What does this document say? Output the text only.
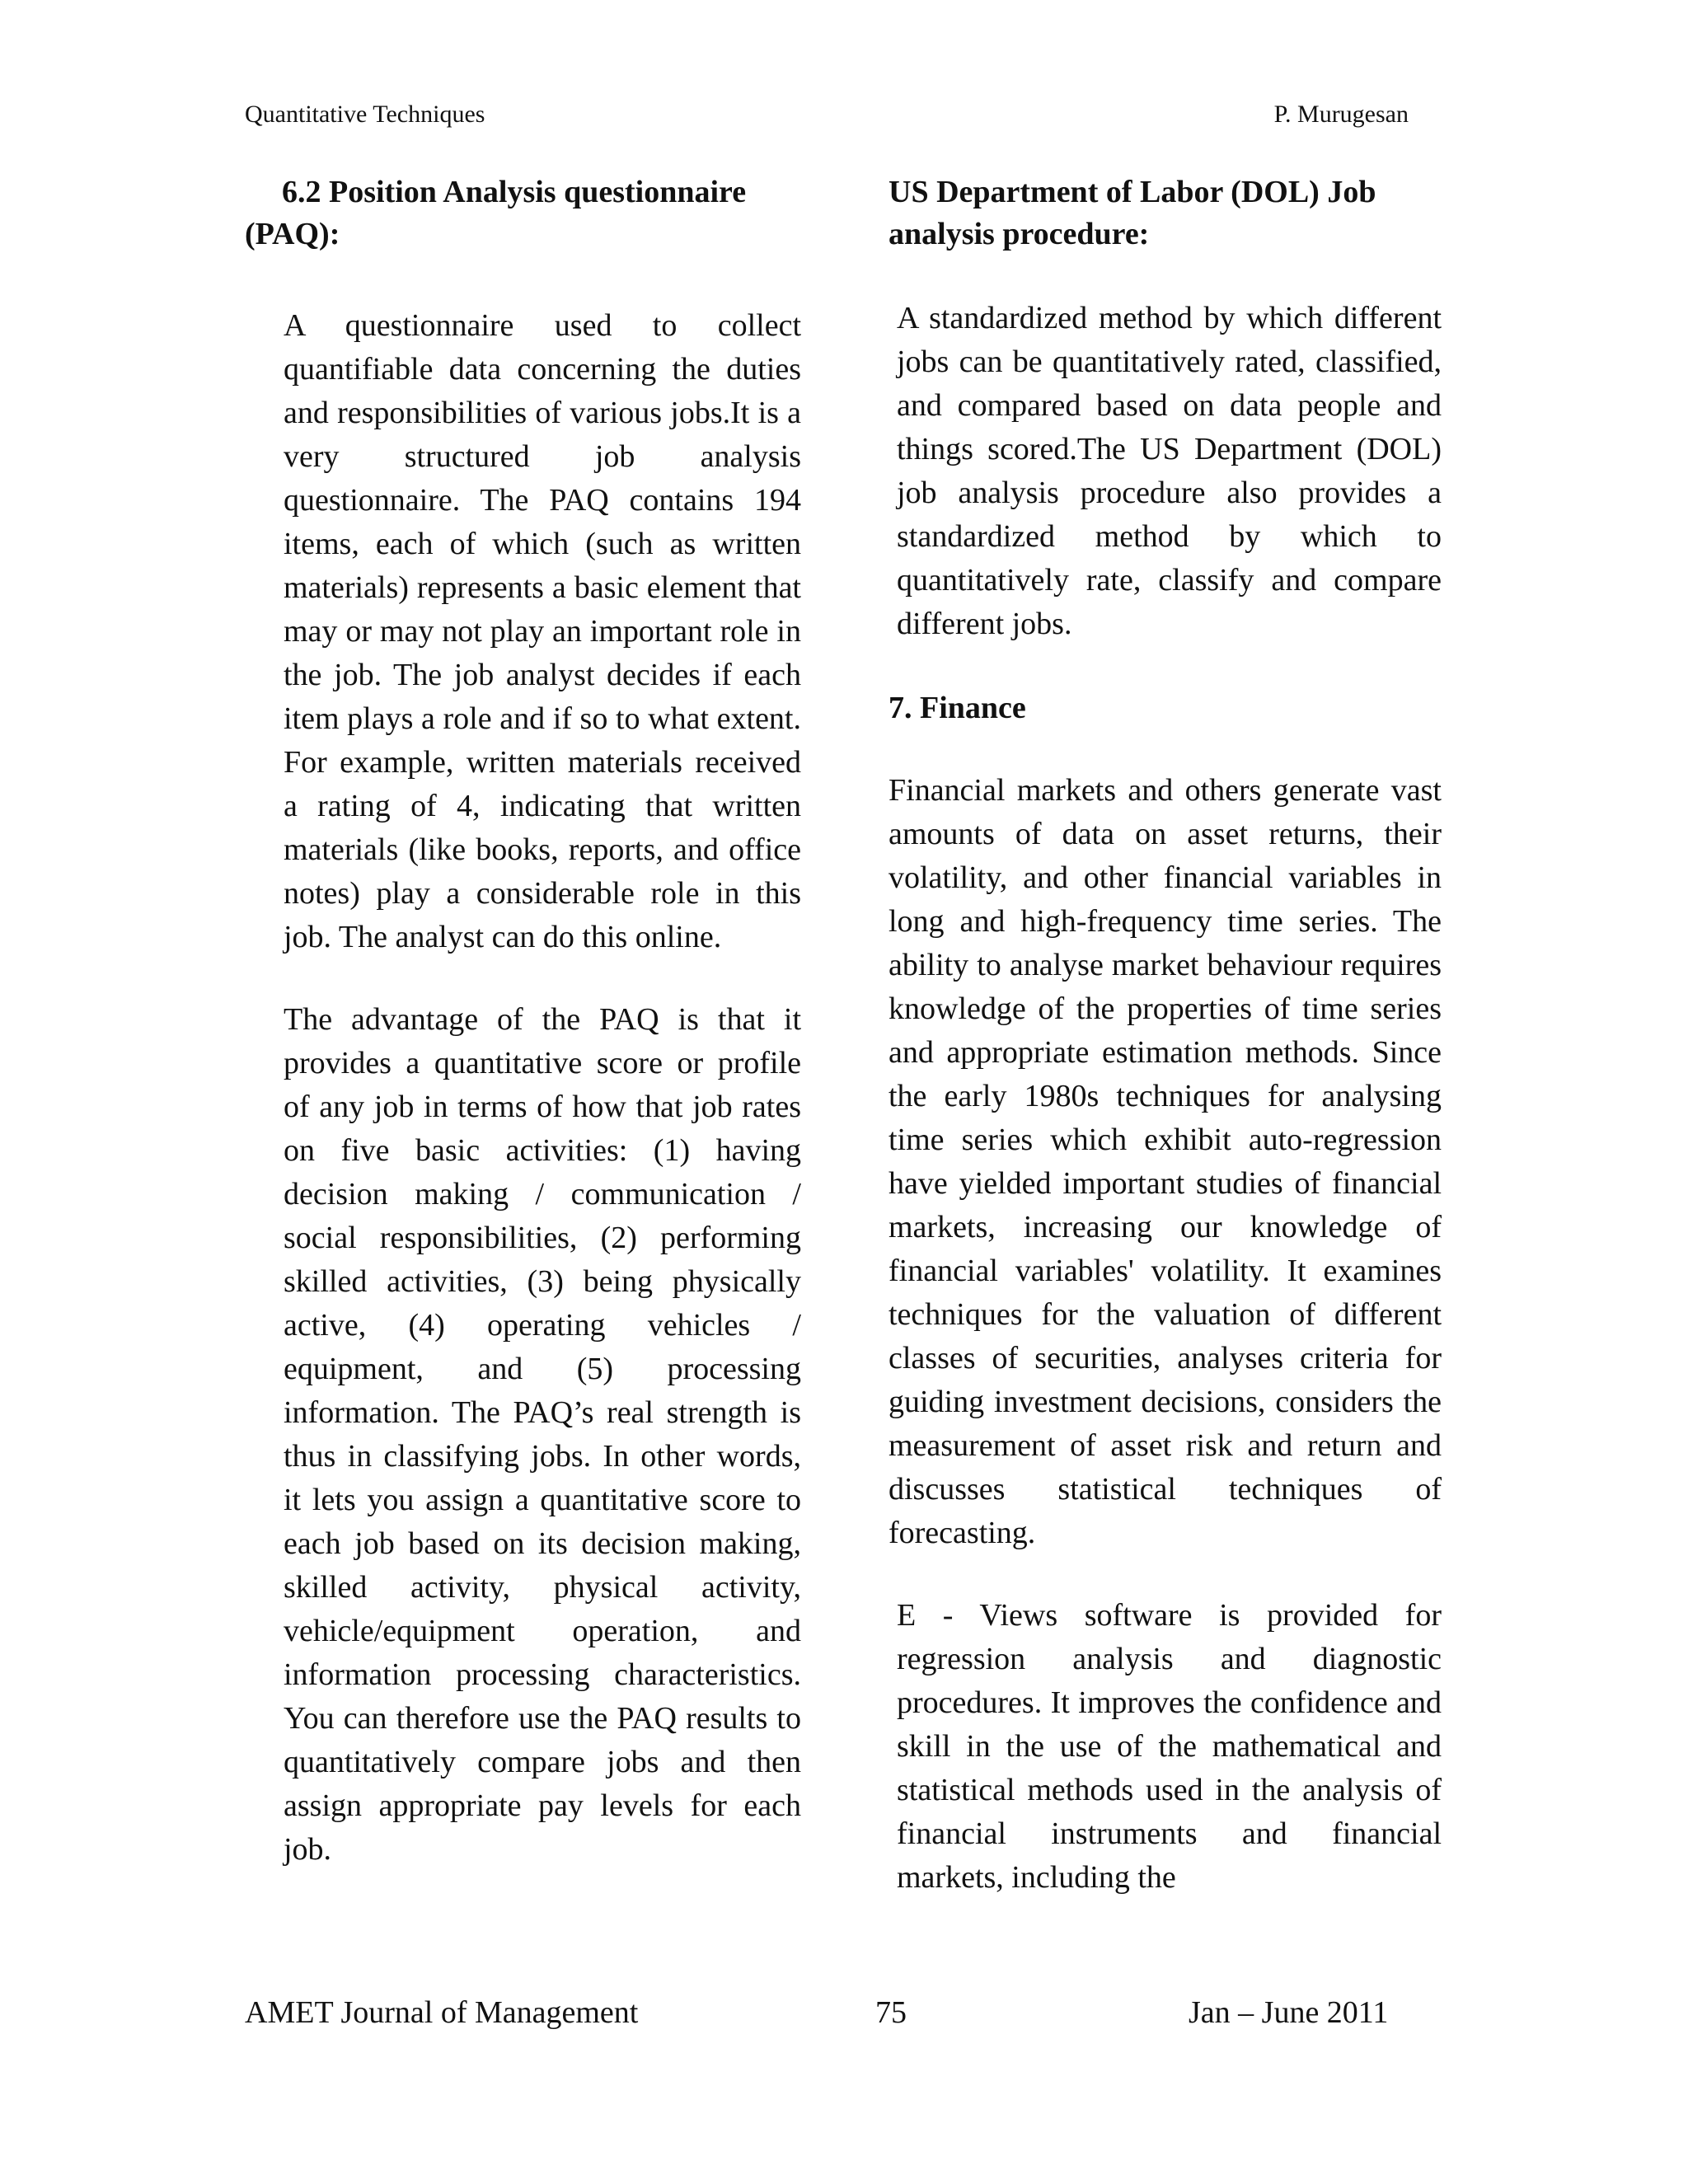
Quantitative Techniques	P. Murugesan
6.2 Position Analysis questionnaire (PAQ):

A questionnaire used to collect quantifiable data concerning the duties and responsibilities of various jobs.It is a very structured job analysis questionnaire. The PAQ contains 194 items, each of which (such as written materials) represents a basic element that may or may not play an important role in the job. The job analyst decides if each item plays a role and if so to what extent. For example, written materials received a rating of 4, indicating that written materials (like books, reports, and office notes) play a considerable role in this job. The analyst can do this online.

The advantage of the PAQ is that it provides a quantitative score or profile of any job in terms of how that job rates on five basic activities: (1) having decision making / communication / social responsibilities, (2) performing skilled activities, (3) being physically active, (4) operating vehicles / equipment, and (5) processing information. The PAQ’s real strength is thus in classifying jobs. In other words, it lets you assign a quantitative score to each job based on its decision making, skilled activity, physical activity, vehicle/equipment operation, and information processing characteristics. You can therefore use the PAQ results to quantitatively compare jobs and then assign appropriate pay levels for each job.

US Department of Labor (DOL) Job analysis procedure:

A standardized method by which different jobs can be quantitatively rated, classified, and compared based on data people and things scored.The US Department (DOL) job analysis procedure also provides a standardized method by which to quantitatively rate, classify and compare different jobs.

7. Finance

Financial markets and others generate vast amounts of data on asset returns, their volatility, and other financial variables in long and high-frequency time series. The ability to analyse market behaviour requires knowledge of the properties of time series and appropriate estimation methods. Since the early 1980s techniques for analysing time series which exhibit auto-regression have yielded important studies of financial markets, increasing our knowledge of financial variables' volatility. It examines techniques for the valuation of different classes of securities, analyses criteria for guiding investment decisions, considers the measurement of asset risk and return and discusses statistical techniques of forecasting.

E - Views software is provided for regression analysis and diagnostic procedures. It improves the confidence and skill in the use of the mathematical and statistical methods used in the analysis of financial instruments and financial markets, including the

AMET Journal of Management	75	Jan – June 2011
